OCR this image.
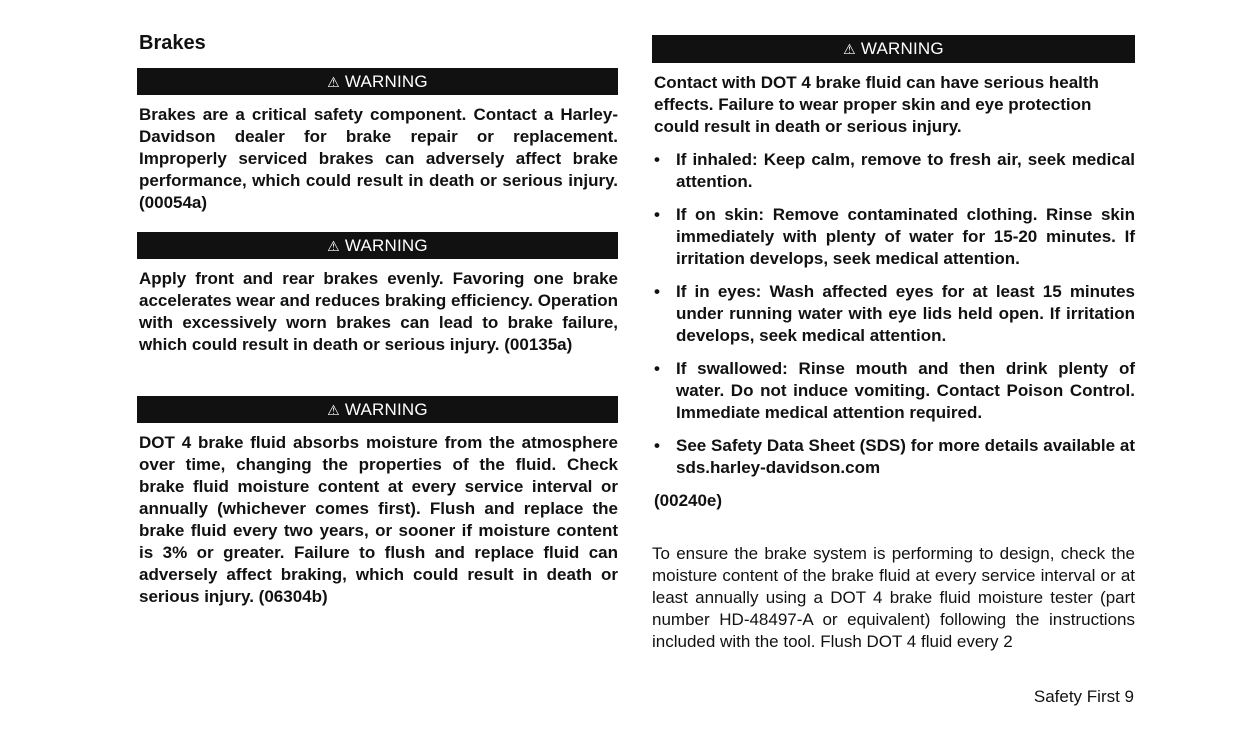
Brakes
⚠ WARNING

Brakes are a critical safety component. Contact a Harley-Davidson dealer for brake repair or replacement. Improperly serviced brakes can adversely affect brake performance, which could result in death or serious injury. (00054a)

⚠ WARNING

Apply front and rear brakes evenly. Favoring one brake accelerates wear and reduces braking efficiency. Operation with excessively worn brakes can lead to brake failure, which could result in death or serious injury. (00135a)

⚠ WARNING

DOT 4 brake fluid absorbs moisture from the atmosphere over time, changing the properties of the fluid. Check brake fluid moisture content at every service interval or annually (whichever comes first). Flush and replace the brake fluid every two years, or sooner if moisture content is 3% or greater. Failure to flush and replace fluid can adversely affect braking, which could result in death or serious injury. (06304b)

⚠ WARNING

Contact with DOT 4 brake fluid can have serious health effects. Failure to wear proper skin and eye protection could result in death or serious injury.

• If inhaled: Keep calm, remove to fresh air, seek medical attention.
• If on skin: Remove contaminated clothing. Rinse skin immediately with plenty of water for 15-20 minutes. If irritation develops, seek medical attention.
• If in eyes: Wash affected eyes for at least 15 minutes under running water with eye lids held open. If irritation develops, seek medical attention.
• If swallowed: Rinse mouth and then drink plenty of water. Do not induce vomiting. Contact Poison Control. Immediate medical attention required.
• See Safety Data Sheet (SDS) for more details available at sds.harley-davidson.com
(00240e)
To ensure the brake system is performing to design, check the moisture content of the brake fluid at every service interval or at least annually using a DOT 4 brake fluid moisture tester (part number HD-48497-A or equivalent) following the instructions included with the tool. Flush DOT 4 fluid every 2
Safety First 9
